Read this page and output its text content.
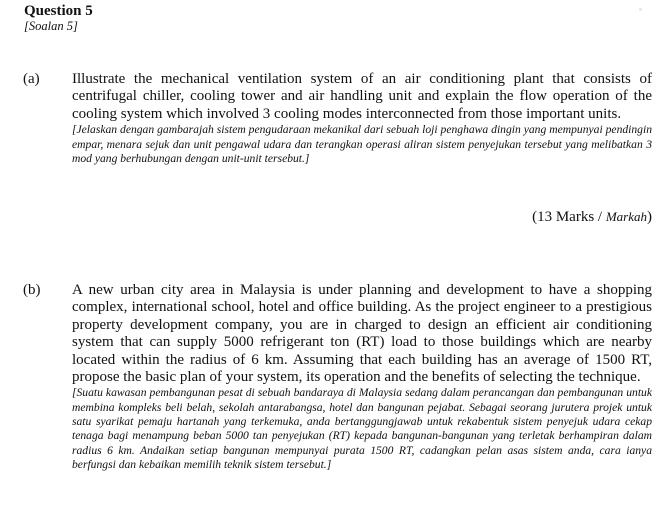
Question 5
[Soalan 5]
(a) Illustrate the mechanical ventilation system of an air conditioning plant that consists of centrifugal chiller, cooling tower and air handling unit and explain the flow operation of the cooling system which involved 3 cooling modes interconnected from those important units.

[Jelaskan dengan gambarajah sistem pengudaraan mekanikal dari sebuah loji penghawa dingin yang mempunyai pendingin empar, menara sejuk dan unit pengawal udara dan terangkan operasi aliran sistem penyejukan tersebut yang melibatkan 3 mod yang berhubungan dengan unit-unit tersebut.]

(13 Marks / Markah)
(b) A new urban city area in Malaysia is under planning and development to have a shopping complex, international school, hotel and office building. As the project engineer to a prestigious property development company, you are in charged to design an efficient air conditioning system that can supply 5000 refrigerant ton (RT) load to those buildings which are nearby located within the radius of 6 km. Assuming that each building has an average of 1500 RT, propose the basic plan of your system, its operation and the benefits of selecting the technique.

[Suatu kawasan pembangunan pesat di sebuah bandaraya di Malaysia sedang dalam perancangan dan pembangunan untuk membina kompleks beli belah, sekolah antarabangsa, hotel dan bangunan pejabat. Sebagai seorang jurutera projek untuk satu syarikat pemaju hartanah yang terkemuka, anda bertanggungjawab untuk rekabentuk sistem penyejuk udara cekap tenaga bagi menampung beban 5000 tan penyejukan (RT) kepada bangunan-bangunan yang terletak berhampiran dalam radius 6 km. Andaikan setiap bangunan mempunyai purata 1500 RT, cadangkan pelan asas sistem anda, cara ianya berfungsi dan kebaikan memilih teknik sistem tersebut.]
